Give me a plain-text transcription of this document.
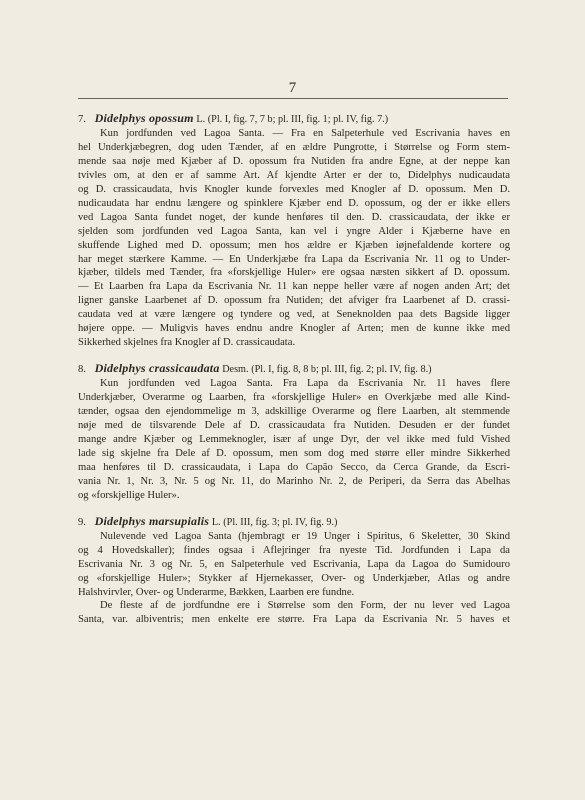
7
7. Didelphys opossum L. (Pl. I, fig. 7, 7 b; pl. III, fig. 1; pl. IV, fig. 7.)
Kun jordfunden ved Lagoa Santa. — Fra en Salpeterhule ved Escrivania haves en
hel Underkjæbegren, dog uden Tænder, af en ældre Pungrotte, i Størrelse og Form stem-
mende saa nøje med Kjæber af D. opossum fra Nutiden fra andre Egne, at der neppe kan
tvivles om, at den er af samme Art. Af kjendte Arter er der to, Didelphys nudicaudata
og D. crassicaudata, hvis Knogler kunde forvexles med Knogler af D. opossum. Men D.
nudicaudata har endnu længere og spinklere Kjæber end D. opossum, og der er ikke ellers
ved Lagoa Santa fundet noget, der kunde henføres til den. D. crassicaudata, der ikke er
sjelden som jordfunden ved Lagoa Santa, kan vel i yngre Alder i Kjæberne have en
skuffende Lighed med D. opossum; men hos ældre er Kjæben iøjnefaldende kortere og
har meget stærkere Kamme. — En Underkjæbe fra Lapa da Escrivania Nr. 11 og to Under-
kjæber, tildels med Tænder, fra «forskjellige Huler» ere ogsaa næsten sikkert af D. opossum.
— Et Laarben fra Lapa da Escrivania Nr. 11 kan neppe heller være af nogen anden Art; det
ligner ganske Laarbenet af D. opossum fra Nutiden; det afviger fra Laarbenet af D. crassi-
caudata ved at være længere og tyndere og ved, at Seneknolden paa dets Bagside ligger
højere oppe. — Muligvis haves endnu andre Knogler af Arten; men de kunne ikke med
Sikkerhed skjelnes fra Knogler af D. crassicaudata.
8. Didelphys crassicaudata Desm. (Pl. I, fig. 8, 8 b; pl. III, fig. 2; pl. IV, fig. 8.)
Kun jordfunden ved Lagoa Santa. Fra Lapa da Escrivania Nr. 11 haves flere
Underkjæber, Overarme og Laarben, fra «forskjellige Huler» en Overkjæbe med alle Kind-
tænder, ogsaa den ejendommelige m 3, adskillige Overarme og flere Laarben, alt stemmende
nøje med de tilsvarende Dele af D. crassicaudata fra Nutiden. Desuden er der fundet
mange andre Kjæber og Lemmeknogler, især af unge Dyr, der vel ikke med fuld Vished
lade sig skjelne fra Dele af D. opossum, men som dog med større eller mindre Sikkerhed
maa henføres til D. crassicaudata, i Lapa do Capão Secco, da Cerca Grande, da Escri-
vania Nr. 1, Nr. 3, Nr. 5 og Nr. 11, do Marinho Nr. 2, de Periperi, da Serra das Abelhas
og «forskjellige Huler».
9. Didelphys marsupialis L. (Pl. III, fig. 3; pl. IV, fig. 9.)
Nulevende ved Lagoa Santa (hjembragt er 19 Unger i Spiritus, 6 Skeletter, 30 Skind
og 4 Hovedskaller); findes ogsaa i Aflejringer fra nyeste Tid. Jordfunden i Lapa da
Escrivania Nr. 3 og Nr. 5, en Salpeterhule ved Escrivania, Lapa da Lagoa do Sumidouro
og «forskjellige Huler»; Stykker af Hjernekasser, Over- og Underkjæber, Atlas og andre
Halshvirvler, Over- og Underarme, Bækken, Laarben ere fundne.
De fleste af de jordfundne ere i Størrelse som den Form, der nu lever ved Lagoa
Santa, var. albiventris; men enkelte ere større. Fra Lapa da Escrivania Nr. 5 haves et
